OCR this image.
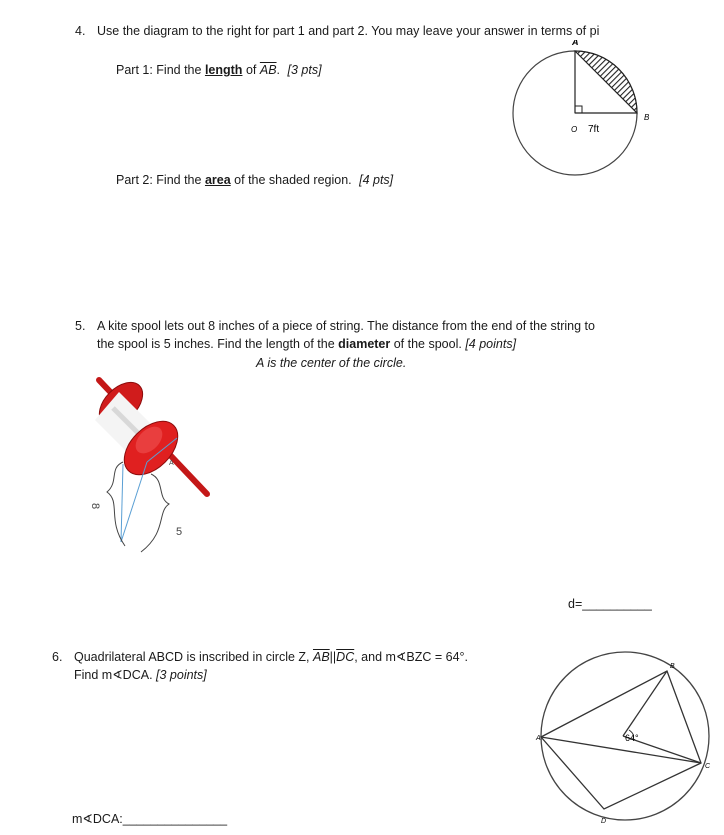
4. Use the diagram to the right for part 1 and part 2. You may leave your answer in terms of pi
Part 1: Find the length of $\overline{AB}$. [3 pts]
Part 2: Find the area of the shaded region. [4 pts]
A
B
O 7ft
5. A kite spool lets out 8 inches of a piece of string. The distance from the end of the string to
the spool is 5 inches. Find the length of the diameter of the spool. [4 points]
A is the center of the circle.
8
5
A
d=__________
6. Quadrilateral ABCD is inscribed in circle Z, $\overline{AB}||\overline{DC}$, and m∢BZC = 64°.
Find m∢DCA. [3 points]
A
B
C
D
64°
m∢DCA:_______________
